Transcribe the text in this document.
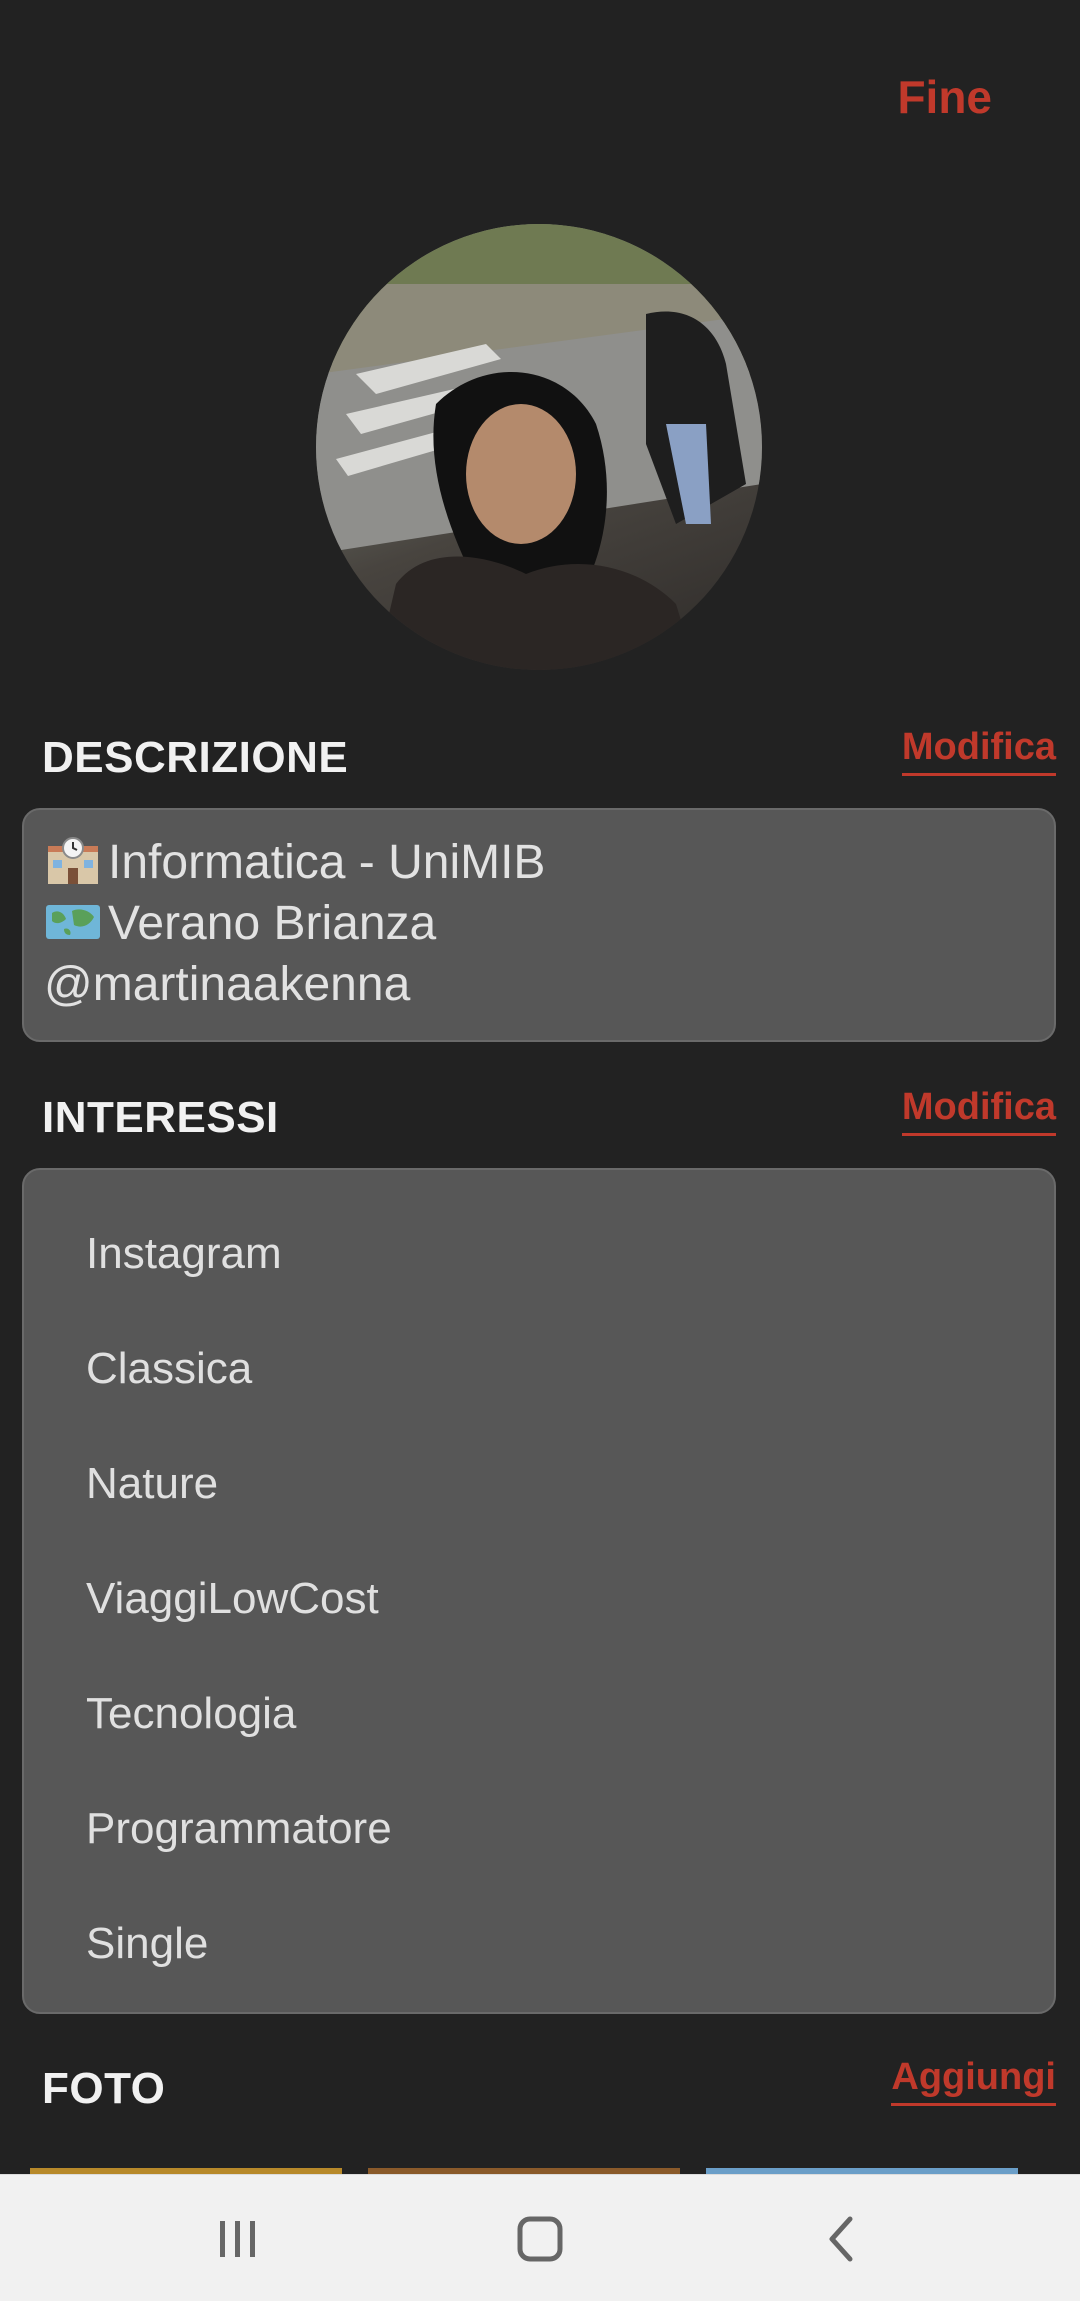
Fine
DESCRIZIONE	Modifica
Informatica - UniMIB
Verano Brianza
@martinaakenna
INTERESSI	Modifica
Instagram
Classica
Nature
ViaggiLowCost
Tecnologia
Programmatore
Single
FOTO	Aggiungi
